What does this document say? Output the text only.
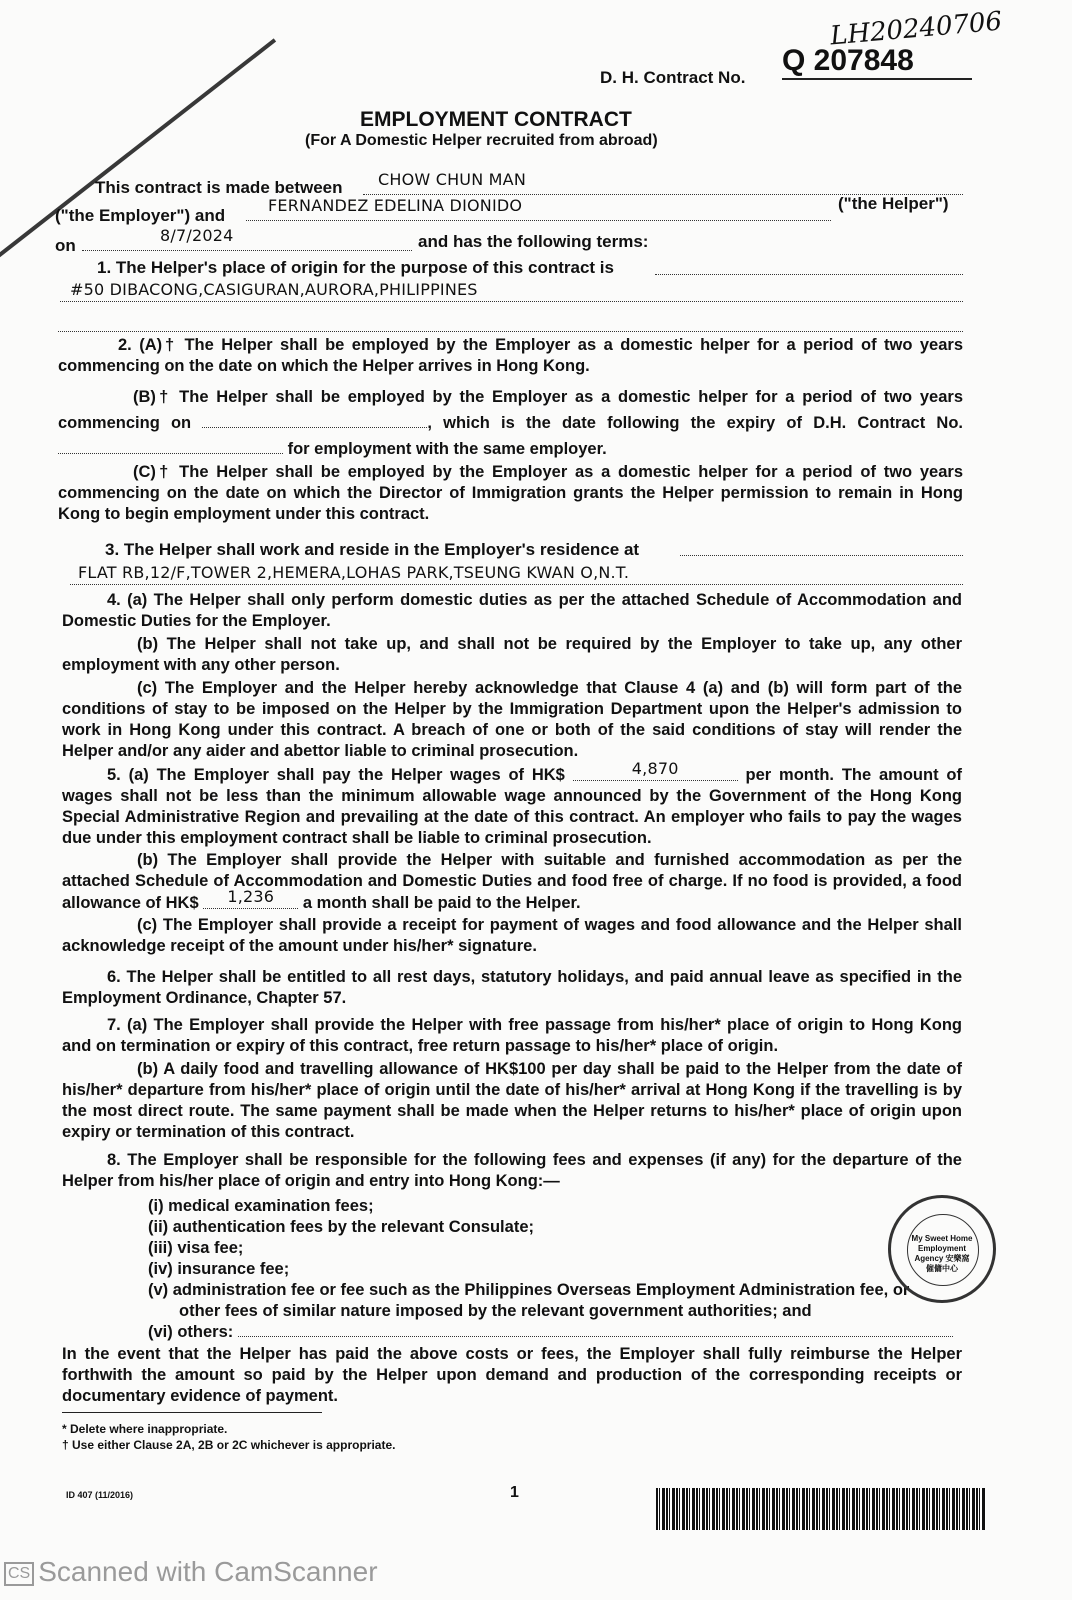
LH20240706
D. H. Contract No.
Q 207848
EMPLOYMENT CONTRACT
(For A Domestic Helper recruited from abroad)
This contract is made between CHOW CHUN MAN
("the Employer") and
FERNANDEZ EDELINA DIONIDO	("the Helper")
on
8/7/2024	and has the following terms:
1. The Helper's place of origin for the purpose of this contract is
#50 DIBACONG,CASIGURAN,AURORA,PHILIPPINES

2. (A)† The Helper shall be employed by the Employer as a domestic helper for a period of two years commencing on the date on which the Helper arrives in Hong Kong.

(B)† The Helper shall be employed by the Employer as a domestic helper for a period of two years commencing on	, which is the date following the expiry of D.H. Contract No.  for employment with the same employer.

(C)† The Helper shall be employed by the Employer as a domestic helper for a period of two years commencing on the date on which the Director of Immigration grants the Helper permission to remain in Hong Kong to begin employment under this contract.

3. The Helper shall work and reside in the Employer's residence at
FLAT RB,12/F,TOWER 2,HEMERA,LOHAS PARK,TSEUNG KWAN O,N.T.

4. (a) The Helper shall only perform domestic duties as per the attached Schedule of Accommodation and Domestic Duties for the Employer.

(b) The Helper shall not take up, and shall not be required by the Employer to take up, any other employment with any other person.

(c) The Employer and the Helper hereby acknowledge that Clause 4 (a) and (b) will form part of the conditions of stay to be imposed on the Helper by the Immigration Department upon the Helper's admission to work in Hong Kong under this contract. A breach of one or both of the said conditions of stay will render the Helper and/or any aider and abettor liable to criminal prosecution.

5. (a) The Employer shall pay the Helper wages of HK$	4,870	per month. The amount of wages shall not be less than the minimum allowable wage announced by the Government of the Hong Kong Special Administrative Region and prevailing at the date of this contract. An employer who fails to pay the wages due under this employment contract shall be liable to criminal prosecution.

(b) The Employer shall provide the Helper with suitable and furnished accommodation as per the attached Schedule of Accommodation and Domestic Duties and food free of charge. If no food is provided, a food allowance of HK$ 1,236 a month shall be paid to the Helper.

(c) The Employer shall provide a receipt for payment of wages and food allowance and the Helper shall acknowledge receipt of the amount under his/her* signature.

6. The Helper shall be entitled to all rest days, statutory holidays, and paid annual leave as specified in the Employment Ordinance, Chapter 57.

7. (a) The Employer shall provide the Helper with free passage from his/her* place of origin to Hong Kong and on termination or expiry of this contract, free return passage to his/her* place of origin.

(b) A daily food and travelling allowance of HK$100 per day shall be paid to the Helper from the date of his/her* departure from his/her* place of origin until the date of his/her* arrival at Hong Kong if the travelling is by the most direct route. The same payment shall be made when the Helper returns to his/her* place of origin upon expiry or termination of this contract.

8. The Employer shall be responsible for the following fees and expenses (if any) for the departure of the Helper from his/her place of origin and entry into Hong Kong:—

(i) medical examination fees;
(ii) authentication fees by the relevant Consulate;
(iii) visa fee;
(iv) insurance fee;
(v) administration fee or fee such as the Philippines Overseas Employment Administration fee, or
other fees of similar nature imposed by the relevant government authorities; and
(vi) others:

In the event that the Helper has paid the above costs or fees, the Employer shall fully reimburse the Helper forthwith the amount so paid by the Helper upon demand and production of the corresponding receipts or documentary evidence of payment.

My Sweet Home Employment Agency 安樂窩僱傭中心
* Delete where inappropriate.
† Use either Clause 2A, 2B or 2C whichever is appropriate.
ID 407 (11/2016)	1
CS Scanned with CamScanner
